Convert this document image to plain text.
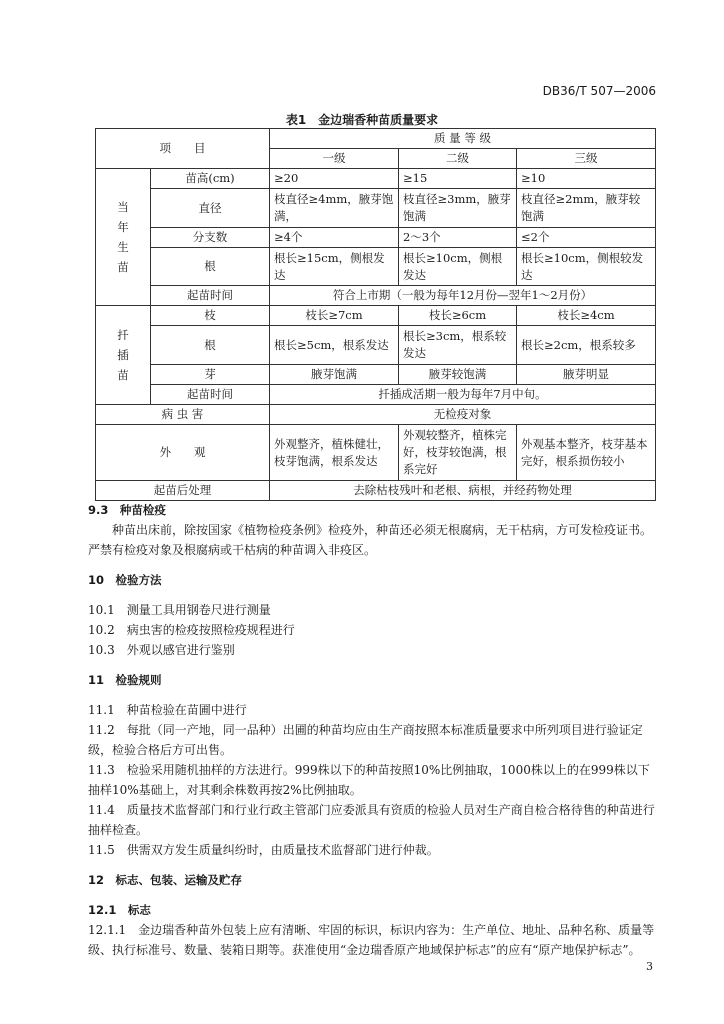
DB36/T 507—2006
表1　金边瑞香种苗质量要求
项　　目		质 量 等 级		
		一级	二级	三级

当年生苗	苗高(cm)	≥20	≥15	≥10
	直径	枝直径≥4mm，腋芽饱满，	枝直径≥3mm，腋芽饱满	枝直径≥2mm，腋芽较饱满
	分支数	≥4个	2～3个	≤2个
	根	根长≥15cm，侧根发达	根长≥10cm，侧根发达	根长≥10cm，侧根较发达
	起苗时间	符合上市期（一般为每年12月份—翌年1～2月份）		

扦插苗	枝	枝长≥7cm	枝长≥6cm	枝长≥4cm
	根	根长≥5cm，根系发达	根长≥3cm，根系较发达	根长≥2cm，根系较多
	芽	腋芽饱满	腋芽较饱满	腋芽明显
	起苗时间	扦插成活期一般为每年7月中旬。		
病 虫 害		无检疫对象		
外　　观		外观整齐，植株健壮，枝芽饱满，根系发达	外观较整齐，植株完好，枝芽较饱满，根系完好	外观基本整齐，枝芽基本完好，根系损伤较小
起苗后处理		去除枯枝残叶和老根、病根，并经药物处理		
9.3　种苗检疫

种苗出床前，除按国家《植物检疫条例》检疫外，种苗还必须无根腐病，无干枯病，方可发检疫证书。严禁有检疫对象及根腐病或干枯病的种苗调入非疫区。

10　检验方法

10.1　测量工具用钢卷尺进行测量

10.2　病虫害的检疫按照检疫规程进行

10.3　外观以感官进行鉴别

11　检验规则

11.1　种苗检验在苗圃中进行

11.2　每批（同一产地，同一品种）出圃的种苗均应由生产商按照本标准质量要求中所列项目进行验证定级，检验合格后方可出售。

11.3　检验采用随机抽样的方法进行。999株以下的种苗按照10%比例抽取，1000株以上的在999株以下抽样10%基础上，对其剩余株数再按2%比例抽取。

11.4　质量技术监督部门和行业行政主管部门应委派具有资质的检验人员对生产商自检合格待售的种苗进行抽样检查。

11.5　供需双方发生质量纠纷时，由质量技术监督部门进行仲裁。

12　标志、包装、运输及贮存
12.1　标志

12.1.1　金边瑞香种苗外包装上应有清晰、牢固的标识，标识内容为：生产单位、地址、品种名称、质量等级、执行标准号、数量、装箱日期等。获准使用“金边瑞香原产地域保护标志”的应有“原产地保护标志”。

3
